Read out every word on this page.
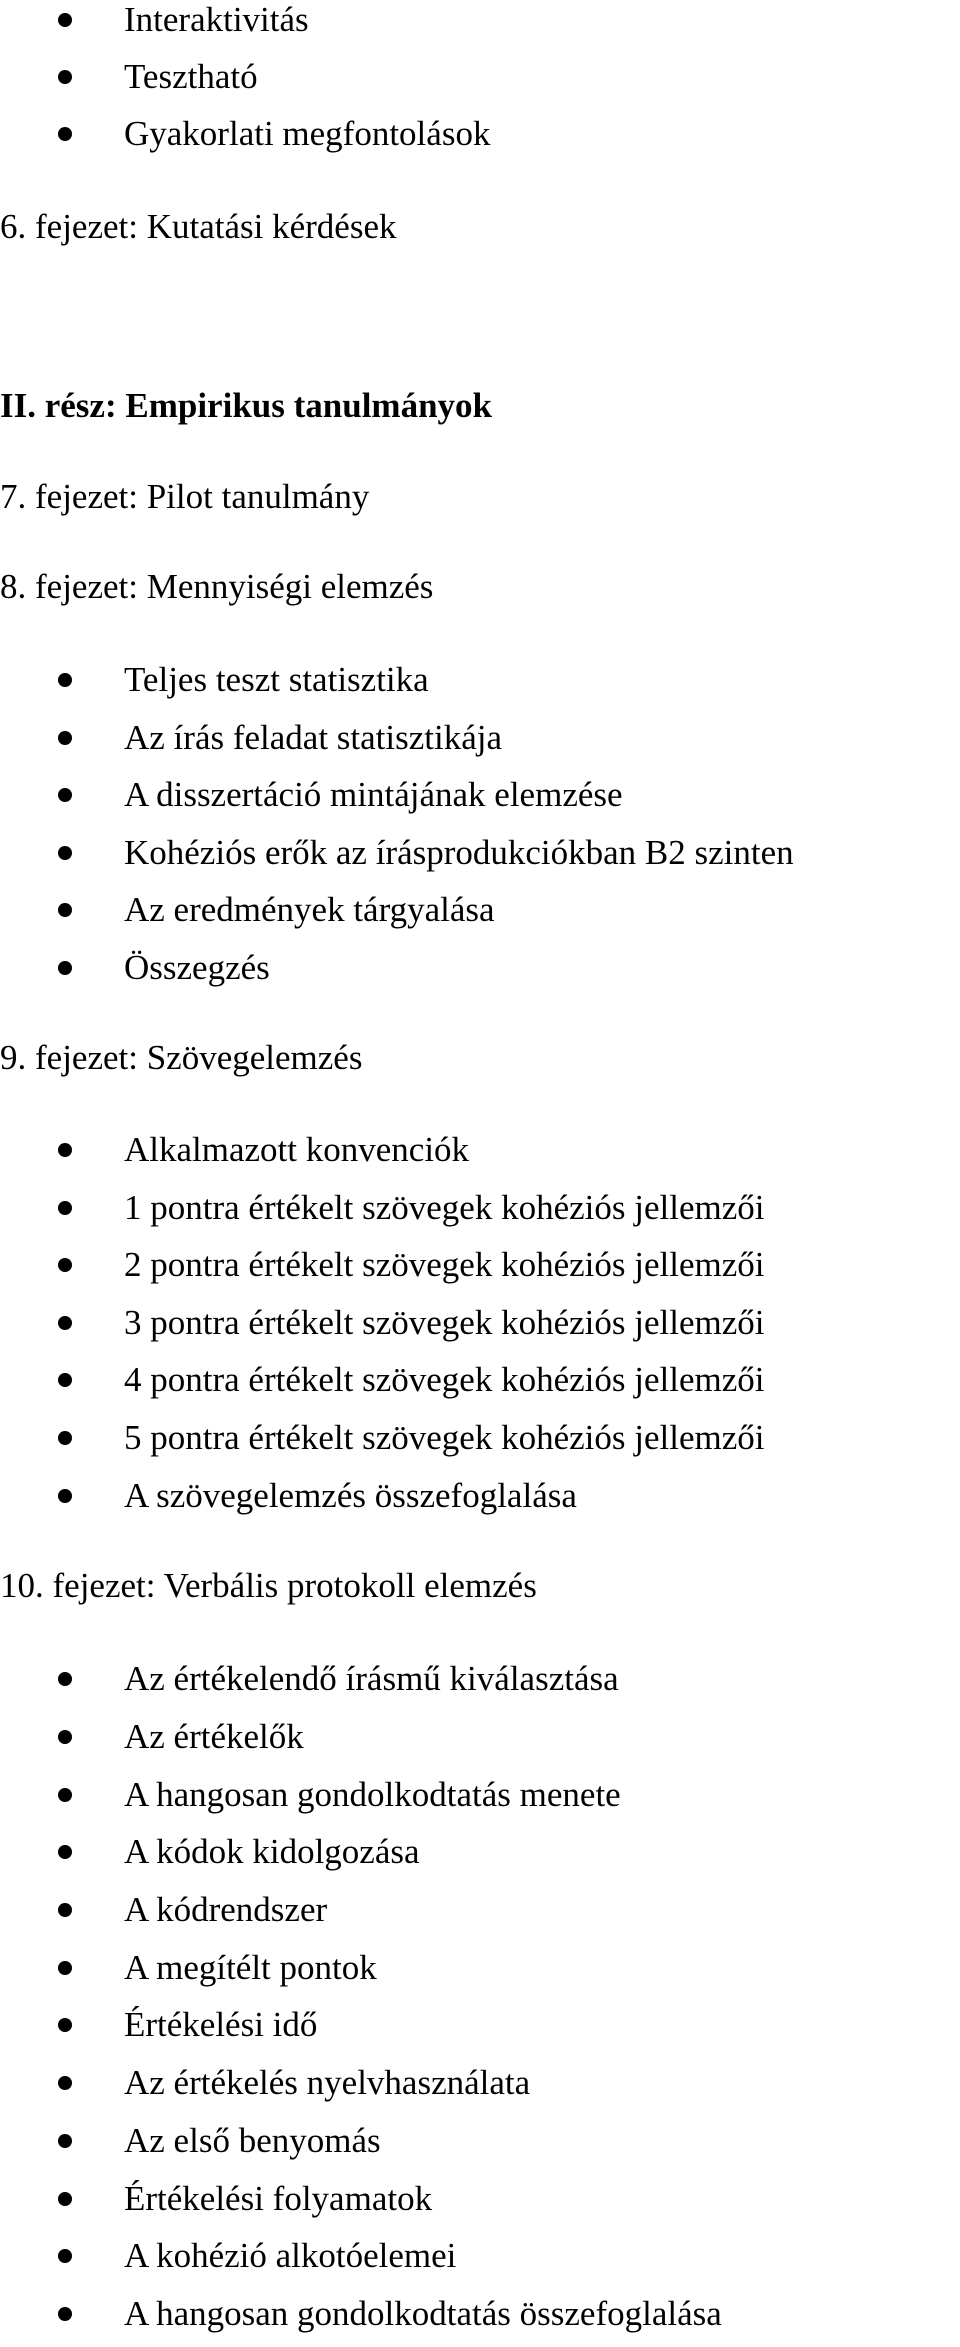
Interaktivitás
Tesztható
Gyakorlati megfontolások
6. fejezet: Kutatási kérdések
II. rész: Empirikus tanulmányok
7. fejezet: Pilot tanulmány
8. fejezet: Mennyiségi elemzés
Teljes teszt statisztika
Az írás feladat statisztikája
A disszertáció mintájának elemzése
Kohéziós erők az írásprodukciókban B2 szinten
Az eredmények tárgyalása
Összegzés
9. fejezet: Szövegelemzés
Alkalmazott konvenciók
1 pontra értékelt szövegek kohéziós jellemzői
2 pontra értékelt szövegek kohéziós jellemzői
3 pontra értékelt szövegek kohéziós jellemzői
4 pontra értékelt szövegek kohéziós jellemzői
5 pontra értékelt szövegek kohéziós jellemzői
A szövegelemzés összefoglalása
10. fejezet: Verbális protokoll elemzés
Az értékelendő írásmű kiválasztása
Az értékelők
A hangosan gondolkodtatás menete
A kódok kidolgozása
A kódrendszer
A megítélt pontok
Értékelési idő
Az értékelés nyelvhasználata
Az első benyomás
Értékelési folyamatok
A kohézió alkotóelemei
A hangosan gondolkodtatás összefoglalása
